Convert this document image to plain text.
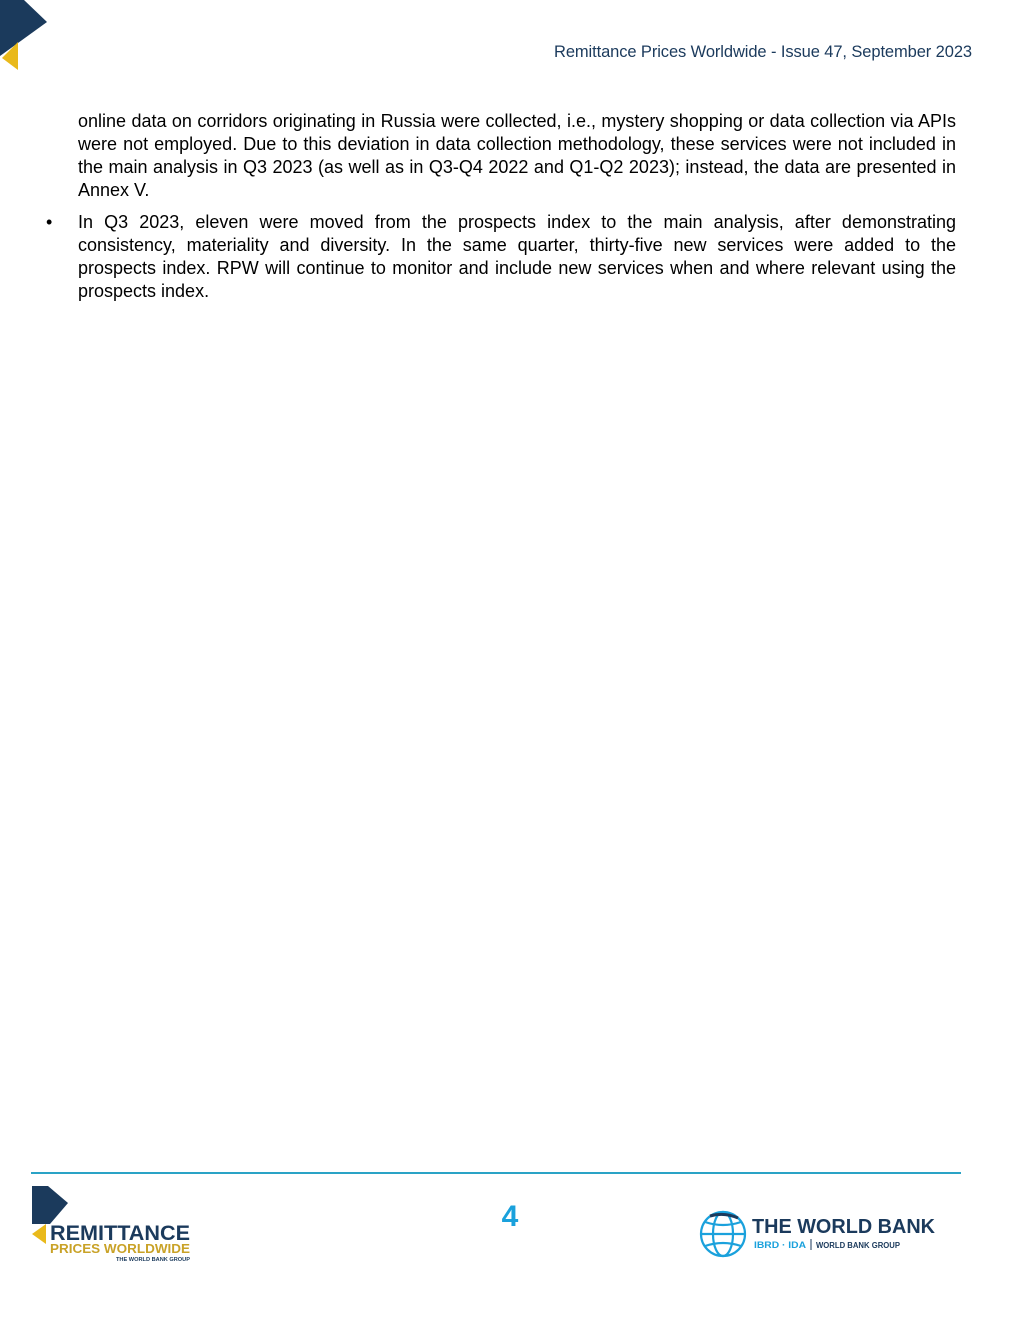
Remittance Prices Worldwide - Issue 47, September 2023

online data on corridors originating in Russia were collected, i.e., mystery shopping or data collection via APIs were not employed. Due to this deviation in data collection methodology, these services were not included in the main analysis in Q3 2023 (as well as in Q3-Q4 2022 and Q1-Q2 2023); instead, the data are presented in Annex V.

•	In Q3 2023, eleven were moved from the prospects index to the main analysis, after demonstrating consistency, materiality and diversity. In the same quarter, thirty-five new services were added to the prospects index. RPW will continue to monitor and include new services when and where relevant using the prospects index.

REMITTANCE
PRICES WORLDWIDE
THE WORLD BANK GROUP
4	THE WORLD BANK
IBRD · IDA WORLD BANK GROUP
